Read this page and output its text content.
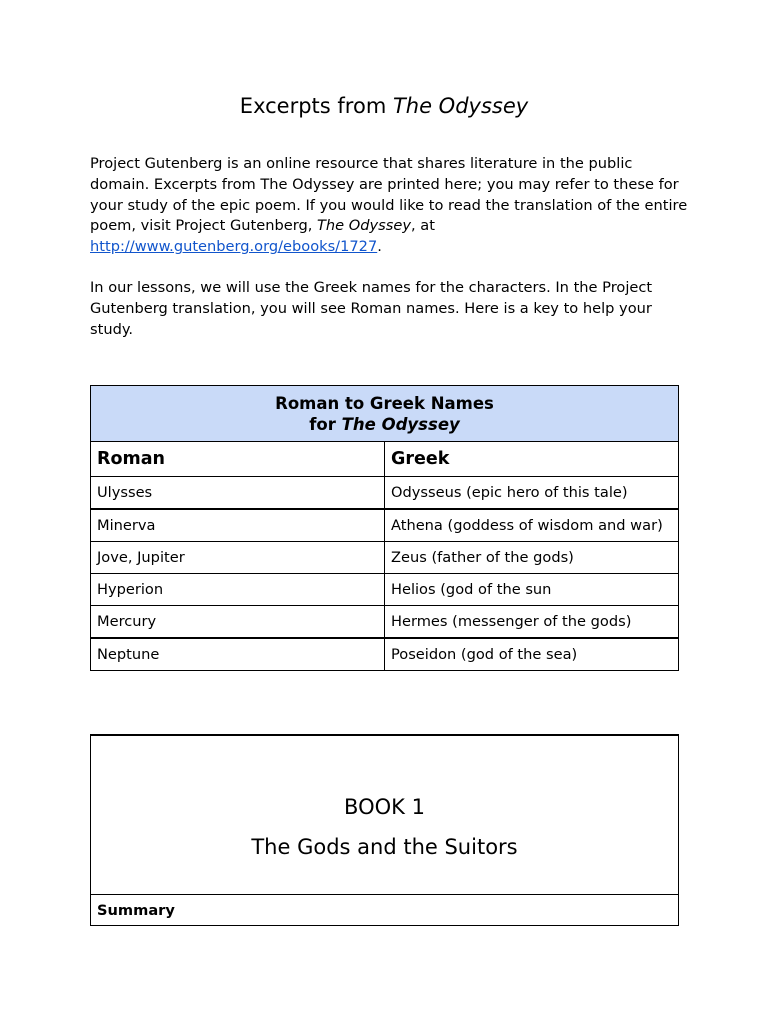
Excerpts from The Odyssey
Project Gutenberg is an online resource that shares literature in the public domain. Excerpts from The Odyssey are printed here; you may refer to these for your study of the epic poem. If you would like to read the translation of the entire poem, visit Project Gutenberg, The Odyssey, at
http://www.gutenberg.org/ebooks/1727.
In our lessons, we will use the Greek names for the characters. In the Project Gutenberg translation, you will see Roman names. Here is a key to help your study.
Roman to Greek Names
for The Odyssey	
Roman	Greek
Ulysses	Odysseus (epic hero of this tale)
Minerva	Athena (goddess of wisdom and war)
Jove, Jupiter	Zeus (father of the gods)
Hyperion	Helios (god of the sun
Mercury	Hermes (messenger of the gods)
Neptune	Poseidon (god of the sea)
BOOK 1
The Gods and the Suitors

Summary
